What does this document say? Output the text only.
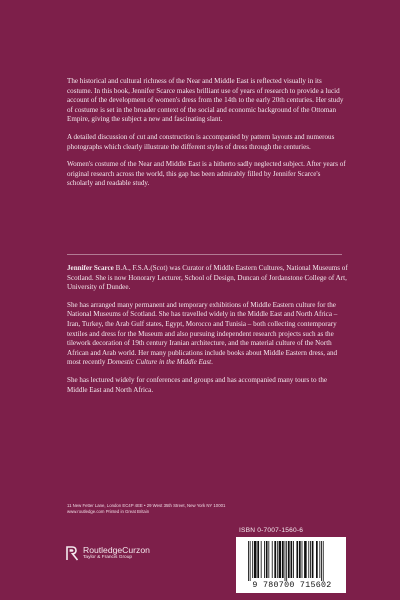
The historical and cultural richness of the Near and Middle East is reflected visually in its costume. In this book, Jennifer Scarce makes brilliant use of years of research to provide a lucid account of the development of women's dress from the 14th to the early 20th centuries. Her study of costume is set in the broader context of the social and economic background of the Ottoman Empire, giving the subject a new and fascinating slant.

A detailed discussion of cut and construction is accompanied by pattern layouts and numerous photographs which clearly illustrate the different styles of dress through the centuries.

Women's costume of the Near and Middle East is a hitherto sadly neglected subject. After years of original research across the world, this gap has been admirably filled by Jennifer Scarce's scholarly and readable study.

Jennifer Scarce B.A., F.S.A.(Scot) was Curator of Middle Eastern Cultures, National Museums of Scotland. She is now Honorary Lecturer, School of Design, Duncan of Jordanstone College of Art, University of Dundee.

She has arranged many permanent and temporary exhibitions of Middle Eastern culture for the National Museums of Scotland. She has travelled widely in the Middle East and North Africa – Iran, Turkey, the Arab Gulf states, Egypt, Morocco and Tunisia – both collecting contemporary textiles and dress for the Museum and also pursuing independent research projects such as the tilework decoration of 19th century Iranian architecture, and the material culture of the North African and Arab world. Her many publications include books about Middle Eastern dress, and most recently Domestic Culture in the Middle East.

She has lectured widely for conferences and groups and has accompanied many tours to the Middle East and North Africa.

11 New Fetter Lane, London EC4P 4EE • 29 West 35th Street, New York NY 10001
www.routledge.com Printed in Great Britain
RoutledgeCurzon
Taylor & Francis Group
ISBN 0-7007-1560-6
9 780700 715602
